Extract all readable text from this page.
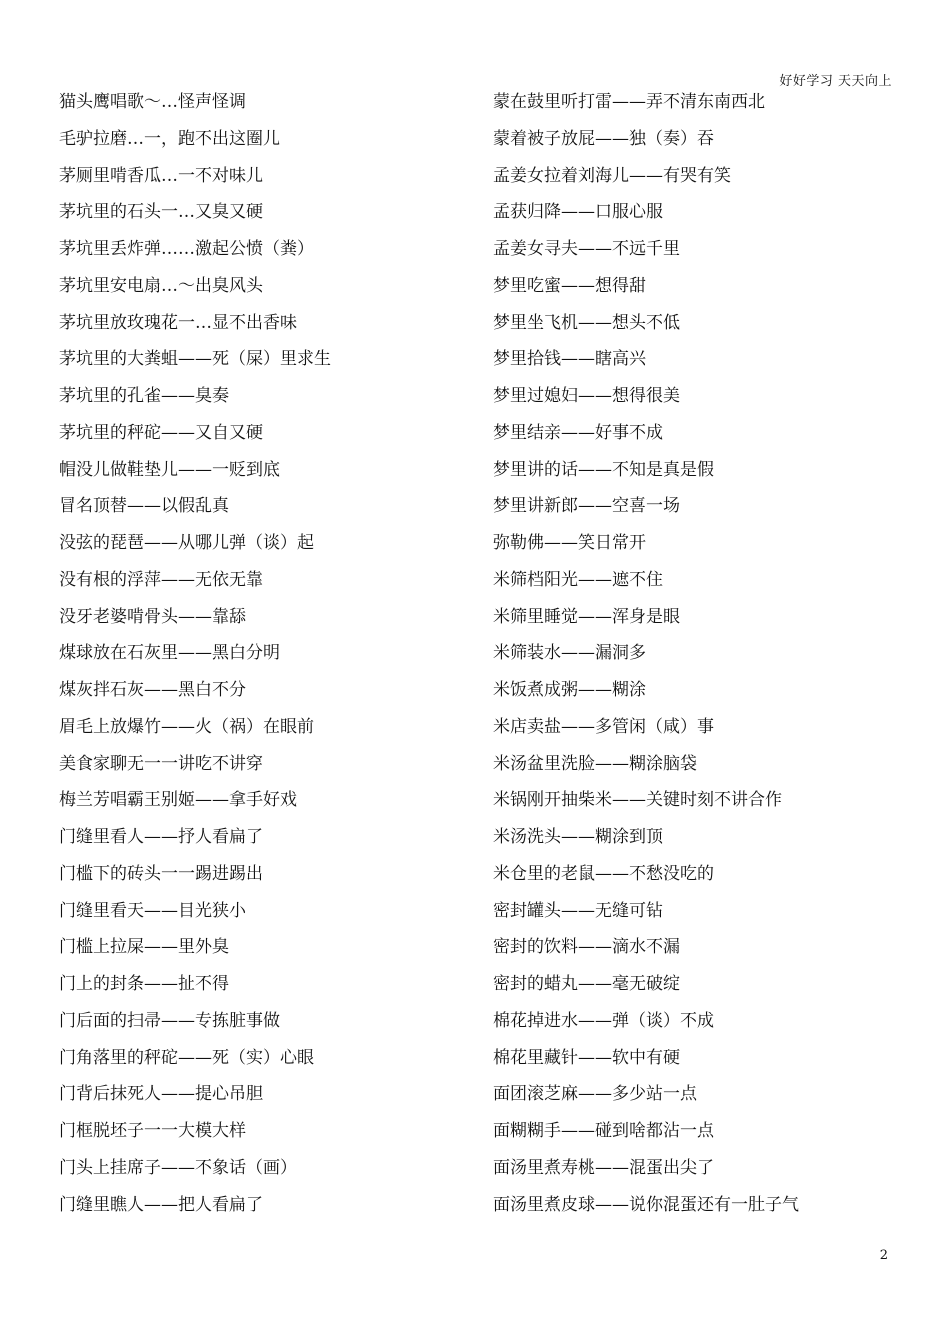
好好学习 天天向上
猫头鹰唱歌～…怪声怪调
毛驴拉磨…一，跑不出这圈儿
茅厕里啃香瓜…一不对味儿
茅坑里的石头一…又臭又硬
茅坑里丢炸弹……激起公愤（粪）
茅坑里安电扇…～出臭风头
茅坑里放玫瑰花一…显不出香味
茅坑里的大粪蛆——死（屎）里求生
茅坑里的孔雀——臭奏
茅坑里的秤砣——又自又硬
帽没儿做鞋垫儿——一贬到底
冒名顶替——以假乱真
没弦的琵琶——从哪儿弹（谈）起
没有根的浮萍——无依无靠
没牙老婆啃骨头——靠舔
煤球放在石灰里——黑白分明
煤灰拌石灰——黑白不分
眉毛上放爆竹——火（祸）在眼前
美食家聊无一一讲吃不讲穿
梅兰芳唱霸王别姬——拿手好戏
门缝里看人——抒人看扁了
门槛下的砖头一一踢进踢出
门缝里看天——目光狭小
门槛上拉屎——里外臭
门上的封条——扯不得
门后面的扫帚——专拣脏事做
门角落里的秤砣——死（实）心眼
门背后抹死人——提心吊胆
门框脱坯子一一大模大样
门头上挂席子——不象话（画）
门缝里瞧人——把人看扁了
蒙在鼓里听打雷——弄不清东南西北
蒙着被子放屁——独（奏）吞
孟姜女拉着刘海儿——有哭有笑
孟获归降——口服心服
孟姜女寻夫——不远千里
梦里吃蜜——想得甜
梦里坐飞机——想头不低
梦里拾钱——瞎高兴
梦里过媳妇——想得很美
梦里结亲——好事不成
梦里讲的话——不知是真是假
梦里讲新郎——空喜一场
弥勒佛——笑日常开
米筛档阳光——遮不住
米筛里睡觉——浑身是眼
米筛装水——漏洞多
米饭煮成粥——糊涂
米店卖盐——多管闲（咸）事
米汤盆里洗脸——糊涂脑袋
米锅刚开抽柴米——关键时刻不讲合作
米汤洗头——糊涂到顶
米仓里的老鼠——不愁没吃的
密封罐头——无缝可钻
密封的饮料——滴水不漏
密封的蜡丸——毫无破绽
棉花掉进水——弹（谈）不成
棉花里藏针——软中有硬
面团滚芝麻——多少站一点
面糊糊手——碰到啥都沾一点
面汤里煮寿桃——混蛋出尖了
面汤里煮皮球——说你混蛋还有一肚子气
2
